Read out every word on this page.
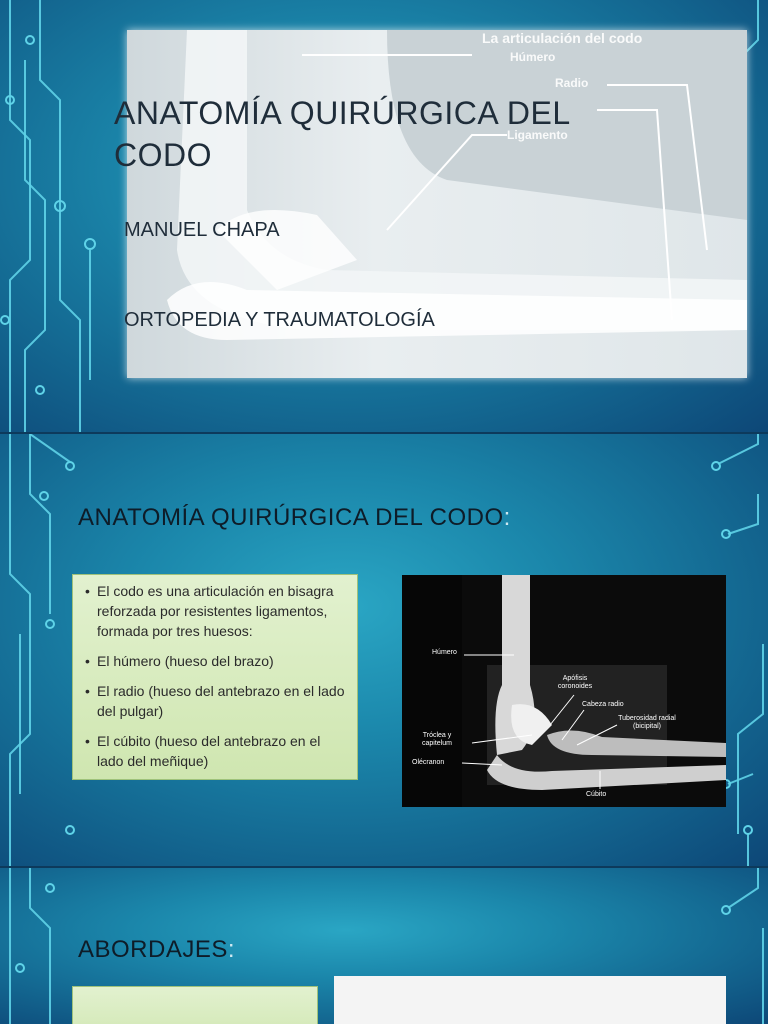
La articulación del codo
Húmero
Radio
Ligamento
ANATOMÍA QUIRÚRGICA DEL CODO
MANUEL CHAPA
ORTOPEDIA Y TRAUMATOLOGÍA
ANATOMÍA QUIRÚRGICA DEL CODO:
• El codo es una articulación en bisagra reforzada por resistentes ligamentos, formada por tres huesos:
• El húmero (hueso del brazo)
• El radio (hueso del antebrazo en el lado del pulgar)
• El cúbito (hueso del antebrazo en el lado del meñique)
Húmero
Apófisis coronoides
Cabeza radio
Tuberosidad radial (bicipital)
Tróclea y capitelum
Olécranon
Cúbito
ABORDAJES:
